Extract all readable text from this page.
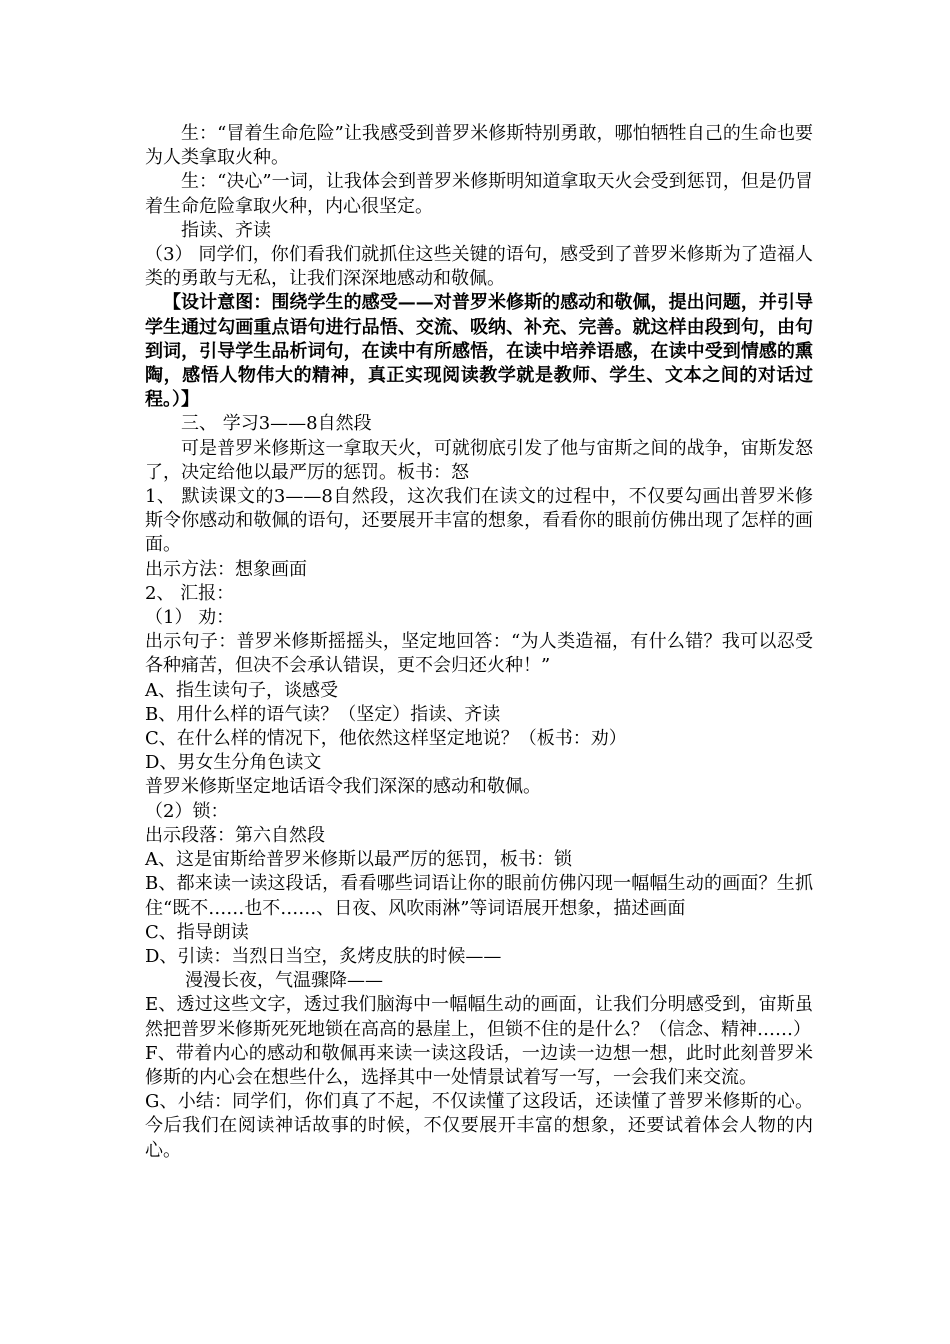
生：“冒着生命危险”让我感受到普罗米修斯特别勇敢，哪怕牺牲自己的生命也要为人类拿取火种。

生：“决心”一词，让我体会到普罗米修斯明知道拿取天火会受到惩罚，但是仍冒着生命危险拿取火种，内心很坚定。

指读、齐读

（3） 同学们，你们看我们就抓住这些关键的语句，感受到了普罗米修斯为了造福人类的勇敢与无私，让我们深深地感动和敬佩。

【设计意图：围绕学生的感受——对普罗米修斯的感动和敬佩，提出问题，并引导学生通过勾画重点语句进行品悟、交流、吸纳、补充、完善。就这样由段到句，由句到词，引导学生品析词句，在读中有所感悟，在读中培养语感，在读中受到情感的熏陶，感悟人物伟大的精神，真正实现阅读教学就是教师、学生、文本之间的对话过程。）】

三、 学习3——8自然段

可是普罗米修斯这一拿取天火，可就彻底引发了他与宙斯之间的战争，宙斯发怒了，决定给他以最严厉的惩罚。板书：怒

1、 默读课文的3——8自然段，这次我们在读文的过程中，不仅要勾画出普罗米修斯令你感动和敬佩的语句，还要展开丰富的想象，看看你的眼前仿佛出现了怎样的画面。

出示方法：想象画面

2、 汇报：

（1） 劝：

出示句子：普罗米修斯摇摇头，坚定地回答：“为人类造福，有什么错？我可以忍受各种痛苦，但决不会承认错误，更不会归还火种！”

A、指生读句子，谈感受

B、用什么样的语气读？（坚定）指读、齐读

C、在什么样的情况下，他依然这样坚定地说？（板书：劝）

D、男女生分角色读文

普罗米修斯坚定地话语令我们深深的感动和敬佩。

（2）锁：

出示段落：第六自然段

A、这是宙斯给普罗米修斯以最严厉的惩罚，板书：锁

B、都来读一读这段话，看看哪些词语让你的眼前仿佛闪现一幅幅生动的画面？生抓住“既不……也不……、日夜、风吹雨淋”等词语展开想象，描述画面

C、指导朗读

D、引读：当烈日当空，炙烤皮肤的时候——

漫漫长夜，气温骤降——

E、透过这些文字，透过我们脑海中一幅幅生动的画面，让我们分明感受到，宙斯虽然把普罗米修斯死死地锁在高高的悬崖上，但锁不住的是什么？（信念、精神……）

F、带着内心的感动和敬佩再来读一读这段话，一边读一边想一想，此时此刻普罗米修斯的内心会在想些什么，选择其中一处情景试着写一写，一会我们来交流。

G、小结：同学们，你们真了不起，不仅读懂了这段话，还读懂了普罗米修斯的心。今后我们在阅读神话故事的时候，不仅要展开丰富的想象，还要试着体会人物的内心。
